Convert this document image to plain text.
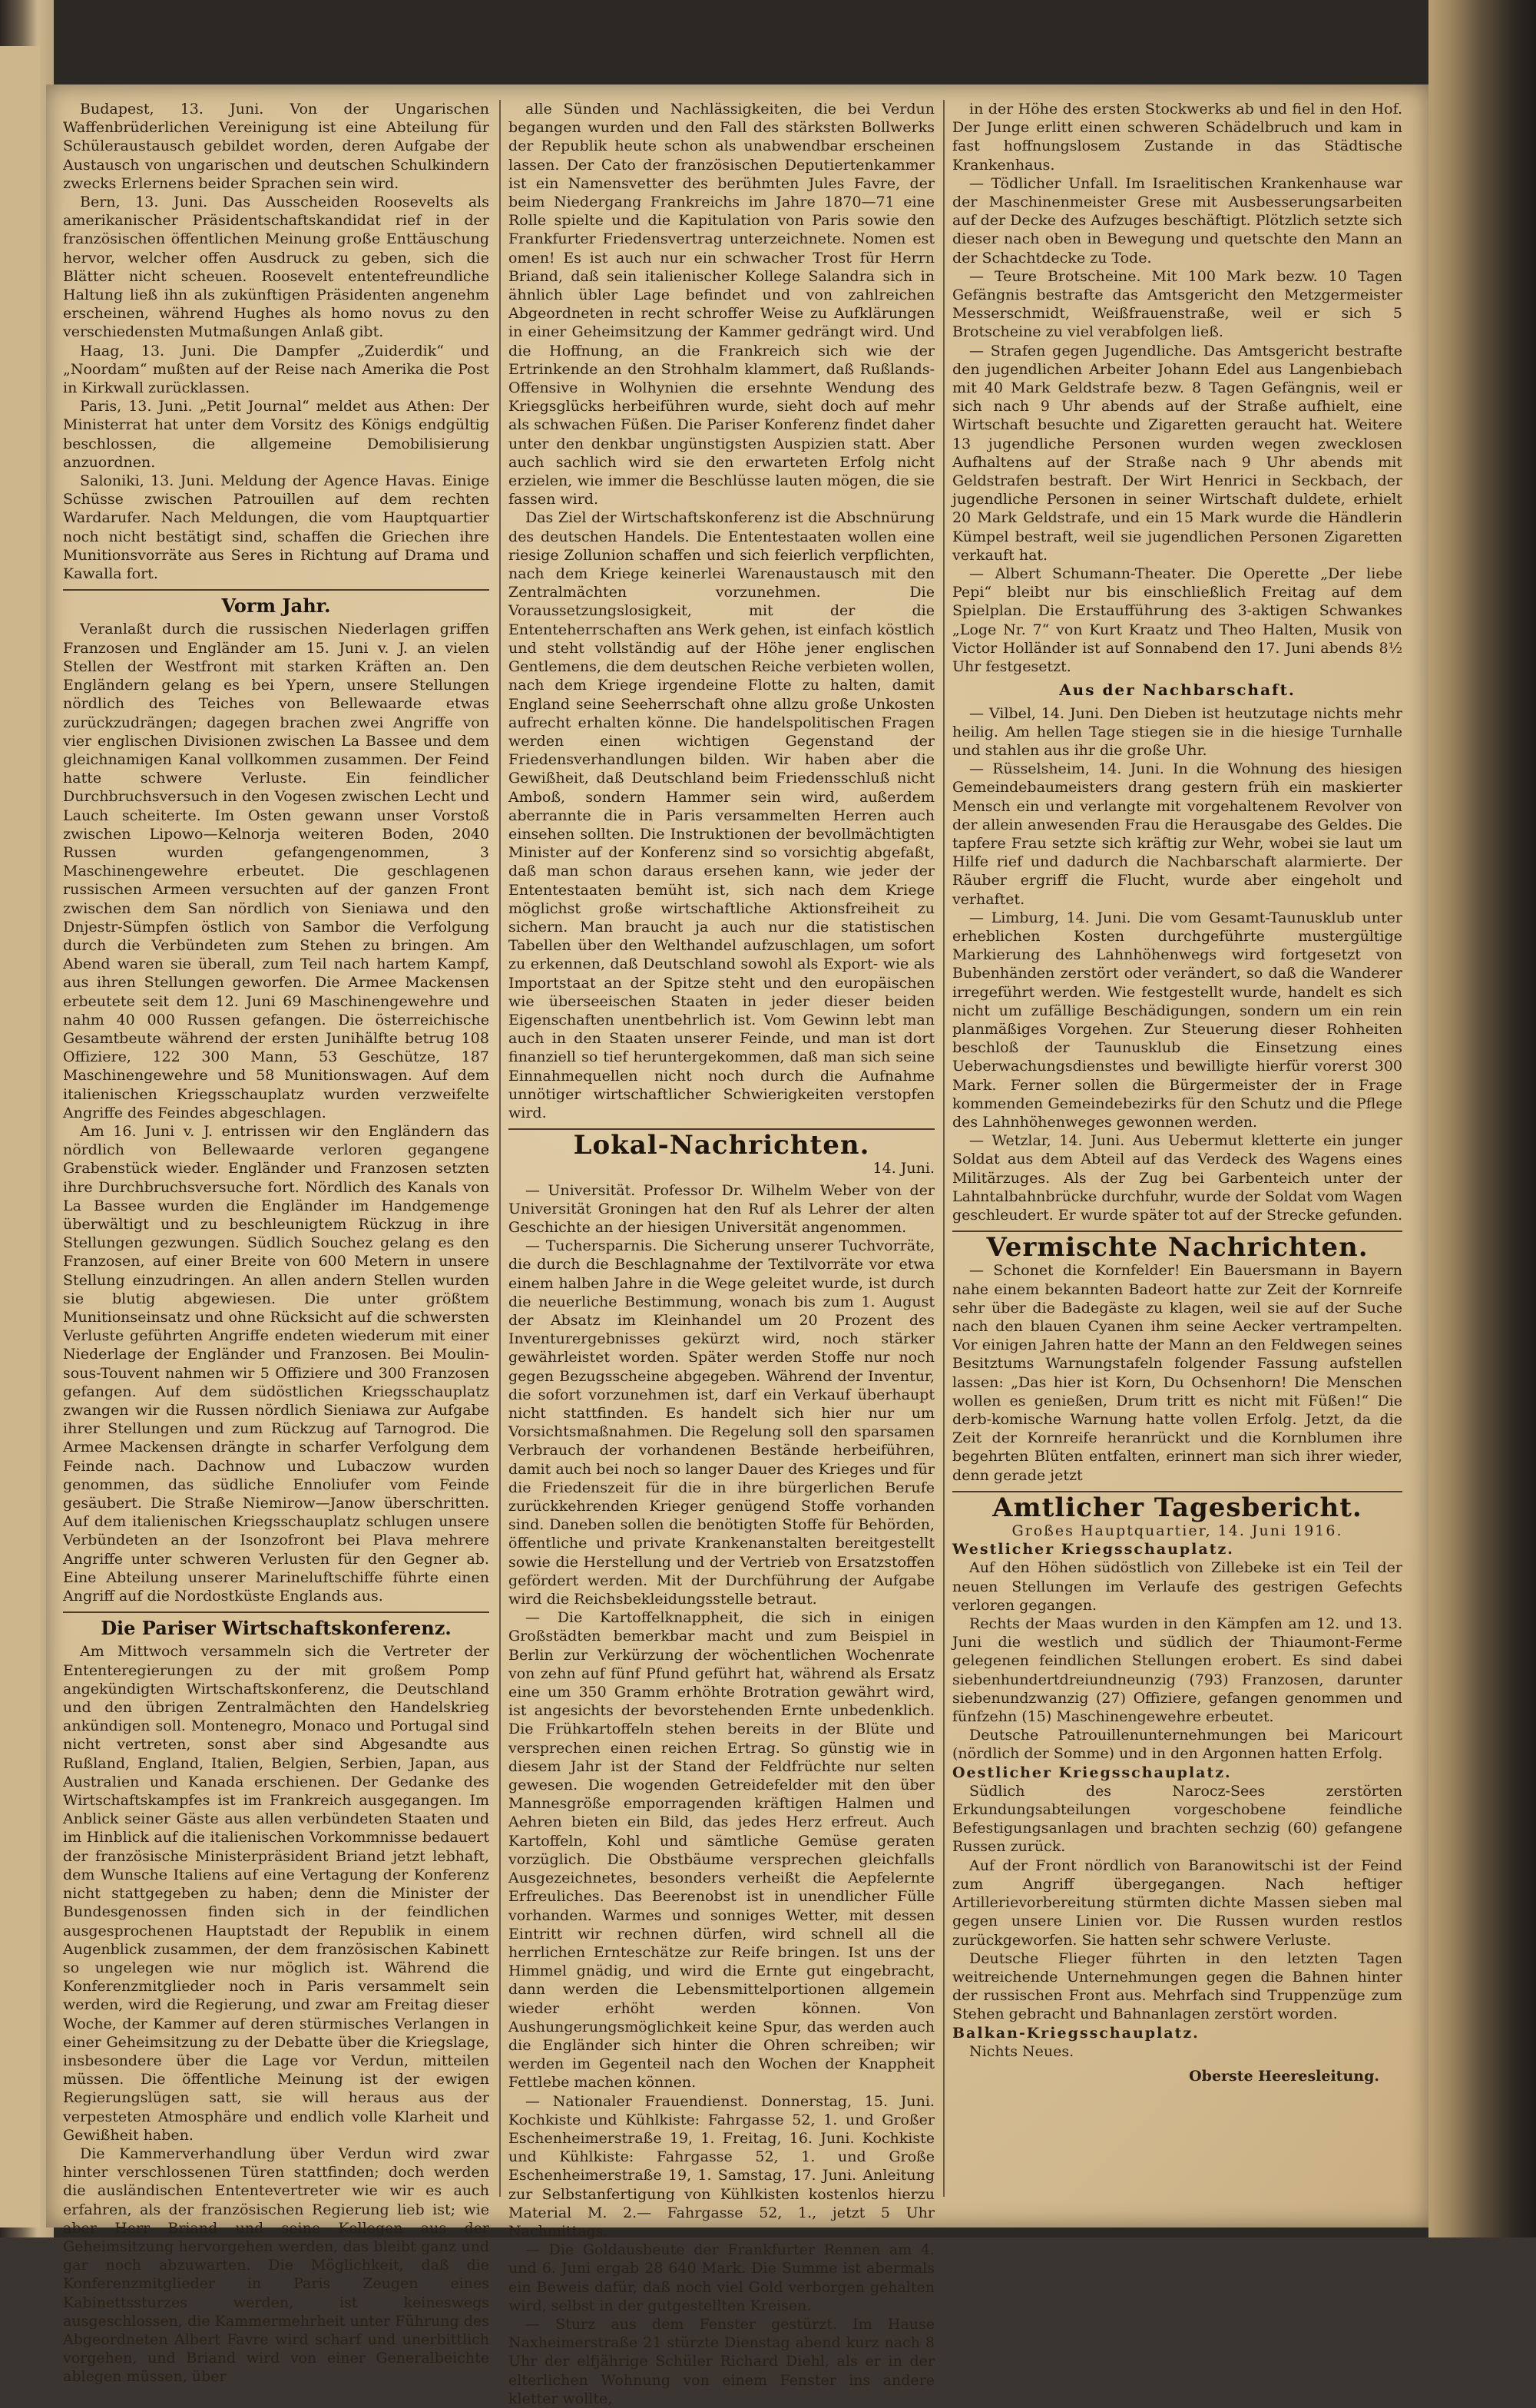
Budapest, 13. Juni. Von der Ungarischen Waffenbrüderlichen Vereinigung ist eine Abteilung für Schüleraustausch gebildet worden, deren Aufgabe der Austausch von ungarischen und deutschen Schulkindern zwecks Erlernens beider Sprachen sein wird.

Bern, 13. Juni. Das Ausscheiden Roosevelts als amerikanischer Präsidentschaftskandidat rief in der französischen öffentlichen Meinung große Enttäuschung hervor, welcher offen Ausdruck zu geben, sich die Blätter nicht scheuen. Roosevelt ententefreundliche Haltung ließ ihn als zukünftigen Präsidenten angenehm erscheinen, während Hughes als homo novus zu den verschiedensten Mutmaßungen Anlaß gibt.

Haag, 13. Juni. Die Dampfer „Zuiderdik“ und „Noordam“ mußten auf der Reise nach Amerika die Post in Kirkwall zurücklassen.

Paris, 13. Juni. „Petit Journal“ meldet aus Athen: Der Ministerrat hat unter dem Vorsitz des Königs endgültig beschlossen, die allgemeine Demobilisierung anzuordnen.

Saloniki, 13. Juni. Meldung der Agence Havas. Einige Schüsse zwischen Patrouillen auf dem rechten Wardarufer. Nach Meldungen, die vom Hauptquartier noch nicht bestätigt sind, schaffen die Griechen ihre Munitionsvorräte aus Seres in Richtung auf Drama und Kawalla fort.

Vorm Jahr.

Veranlaßt durch die russischen Niederlagen griffen Franzosen und Engländer am 15. Juni v. J. an vielen Stellen der Westfront mit starken Kräften an. Den Engländern gelang es bei Ypern, unsere Stellungen nördlich des Teiches von Bellewaarde etwas zurückzudrängen; dagegen brachen zwei Angriffe von vier englischen Divisionen zwischen La Bassee und dem gleichnamigen Kanal vollkommen zusammen. Der Feind hatte schwere Verluste. Ein feindlicher Durchbruchsversuch in den Vogesen zwischen Lecht und Lauch scheiterte. Im Osten gewann unser Vorstoß zwischen Lipowo—Kelnorja weiteren Boden, 2040 Russen wurden gefangengenommen, 3 Maschinengewehre erbeutet. Die geschlagenen russischen Armeen versuchten auf der ganzen Front zwischen dem San nördlich von Sieniawa und den Dnjestr-Sümpfen östlich von Sambor die Verfolgung durch die Verbündeten zum Stehen zu bringen. Am Abend waren sie überall, zum Teil nach hartem Kampf, aus ihren Stellungen geworfen. Die Armee Mackensen erbeutete seit dem 12. Juni 69 Maschinengewehre und nahm 40 000 Russen gefangen. Die österreichische Gesamtbeute während der ersten Junihälfte betrug 108 Offiziere, 122 300 Mann, 53 Geschütze, 187 Maschinengewehre und 58 Munitionswagen. Auf dem italienischen Kriegsschauplatz wurden verzweifelte Angriffe des Feindes abgeschlagen.

Am 16. Juni v. J. entrissen wir den Engländern das nördlich von Bellewaarde verloren gegangene Grabenstück wieder. Engländer und Franzosen setzten ihre Durchbruchsversuche fort. Nördlich des Kanals von La Bassee wurden die Engländer im Handgemenge überwältigt und zu beschleunigtem Rückzug in ihre Stellungen gezwungen. Südlich Souchez gelang es den Franzosen, auf einer Breite von 600 Metern in unsere Stellung einzudringen. An allen andern Stellen wurden sie blutig abgewiesen. Die unter größtem Munitionseinsatz und ohne Rücksicht auf die schwersten Verluste geführten Angriffe endeten wiederum mit einer Niederlage der Engländer und Franzosen. Bei Moulin-sous-Touvent nahmen wir 5 Offiziere und 300 Franzosen gefangen. Auf dem südöstlichen Kriegsschauplatz zwangen wir die Russen nördlich Sieniawa zur Aufgabe ihrer Stellungen und zum Rückzug auf Tarnogrod. Die Armee Mackensen drängte in scharfer Verfolgung dem Feinde nach. Dachnow und Lubaczow wurden genommen, das südliche Ennoliufer vom Feinde gesäubert. Die Straße Niemirow—Janow überschritten. Auf dem italienischen Kriegsschauplatz schlugen unsere Verbündeten an der Isonzofront bei Plava mehrere Angriffe unter schweren Verlusten für den Gegner ab. Eine Abteilung unserer Marineluftschiffe führte einen Angriff auf die Nordostküste Englands aus.

Die Pariser Wirtschaftskonferenz.

Am Mittwoch versammeln sich die Vertreter der Ententeregierungen zu der mit großem Pomp angekündigten Wirtschaftskonferenz, die Deutschland und den übrigen Zentralmächten den Handelskrieg ankündigen soll. Montenegro, Monaco und Portugal sind nicht vertreten, sonst aber sind Abgesandte aus Rußland, England, Italien, Belgien, Serbien, Japan, aus Australien und Kanada erschienen. Der Gedanke des Wirtschaftskampfes ist im Frankreich ausgegangen. Im Anblick seiner Gäste aus allen verbündeten Staaten und im Hinblick auf die italienischen Vorkommnisse bedauert der französische Ministerpräsident Briand jetzt lebhaft, dem Wunsche Italiens auf eine Vertagung der Konferenz nicht stattgegeben zu haben; denn die Minister der Bundesgenossen finden sich in der feindlichen ausgesprochenen Hauptstadt der Republik in einem Augenblick zusammen, der dem französischen Kabinett so ungelegen wie nur möglich ist. Während die Konferenzmitglieder noch in Paris versammelt sein werden, wird die Regierung, und zwar am Freitag dieser Woche, der Kammer auf deren stürmisches Verlangen in einer Geheimsitzung zu der Debatte über die Kriegslage, insbesondere über die Lage vor Verdun, mitteilen müssen. Die öffentliche Meinung ist der ewigen Regierungslügen satt, sie will heraus aus der verpesteten Atmosphäre und endlich volle Klarheit und Gewißheit haben.

Die Kammerverhandlung über Verdun wird zwar hinter verschlossenen Türen stattfinden; doch werden die ausländischen Ententevertreter wie wir es auch erfahren, als der französischen Regierung lieb ist; wie aber Herr Briand und seine Kollegen aus der Geheimsitzung hervorgehen werden, das bleibt ganz und gar noch abzuwarten. Die Möglichkeit, daß die Konferenzmitglieder in Paris Zeugen eines Kabinettssturzes werden, ist keineswegs ausgeschlossen, die Kammermehrheit unter Führung des Abgeordneten Albert Favre wird scharf und unerbittlich vorgehen, und Briand wird von einer Generalbeichte ablegen müssen, über

alle Sünden und Nachlässigkeiten, die bei Verdun begangen wurden und den Fall des stärksten Bollwerks der Republik heute schon als unabwendbar erscheinen lassen. Der Cato der französischen Deputiertenkammer ist ein Namensvetter des berühmten Jules Favre, der beim Niedergang Frankreichs im Jahre 1870—71 eine Rolle spielte und die Kapitulation von Paris sowie den Frankfurter Friedensvertrag unterzeichnete. Nomen est omen! Es ist auch nur ein schwacher Trost für Herrn Briand, daß sein italienischer Kollege Salandra sich in ähnlich übler Lage befindet und von zahlreichen Abgeordneten in recht schroffer Weise zu Aufklärungen in einer Geheimsitzung der Kammer gedrängt wird. Und die Hoffnung, an die Frankreich sich wie der Ertrinkende an den Strohhalm klammert, daß Rußlands-Offensive in Wolhynien die ersehnte Wendung des Kriegsglücks herbeiführen wurde, sieht doch auf mehr als schwachen Füßen. Die Pariser Konferenz findet daher unter den denkbar ungünstigsten Auspizien statt. Aber auch sachlich wird sie den erwarteten Erfolg nicht erzielen, wie immer die Beschlüsse lauten mögen, die sie fassen wird.

Das Ziel der Wirtschaftskonferenz ist die Abschnürung des deutschen Handels. Die Ententestaaten wollen eine riesige Zollunion schaffen und sich feierlich verpflichten, nach dem Kriege keinerlei Warenaustausch mit den Zentralmächten vorzunehmen. Die Voraussetzungslosigkeit, mit der die Ententeherrschaften ans Werk gehen, ist einfach köstlich und steht vollständig auf der Höhe jener englischen Gentlemens, die dem deutschen Reiche verbieten wollen, nach dem Kriege irgendeine Flotte zu halten, damit England seine Seeherrschaft ohne allzu große Unkosten aufrecht erhalten könne. Die handelspolitischen Fragen werden einen wichtigen Gegenstand der Friedensverhandlungen bilden. Wir haben aber die Gewißheit, daß Deutschland beim Friedensschluß nicht Amboß, sondern Hammer sein wird, außerdem aberrannte die in Paris versammelten Herren auch einsehen sollten. Die Instruktionen der bevollmächtigten Minister auf der Konferenz sind so vorsichtig abgefaßt, daß man schon daraus ersehen kann, wie jeder der Ententestaaten bemüht ist, sich nach dem Kriege möglichst große wirtschaftliche Aktionsfreiheit zu sichern. Man braucht ja auch nur die statistischen Tabellen über den Welthandel aufzuschlagen, um sofort zu erkennen, daß Deutschland sowohl als Export- wie als Importstaat an der Spitze steht und den europäischen wie überseeischen Staaten in jeder dieser beiden Eigenschaften unentbehrlich ist. Vom Gewinn lebt man auch in den Staaten unserer Feinde, und man ist dort finanziell so tief heruntergekommen, daß man sich seine Einnahmequellen nicht noch durch die Aufnahme unnötiger wirtschaftlicher Schwierigkeiten verstopfen wird.

Lokal-Nachrichten.
14. Juni.

— Universität. Professor Dr. Wilhelm Weber von der Universität Groningen hat den Ruf als Lehrer der alten Geschichte an der hiesigen Universität angenommen.

— Tuchersparnis. Die Sicherung unserer Tuchvorräte, die durch die Beschlagnahme der Textilvorräte vor etwa einem halben Jahre in die Wege geleitet wurde, ist durch die neuerliche Bestimmung, wonach bis zum 1. August der Absatz im Kleinhandel um 20 Prozent des Inventurergebnisses gekürzt wird, noch stärker gewährleistet worden. Später werden Stoffe nur noch gegen Bezugsscheine abgegeben. Während der Inventur, die sofort vorzunehmen ist, darf ein Verkauf überhaupt nicht stattfinden. Es handelt sich hier nur um Vorsichtsmaßnahmen. Die Regelung soll den sparsamen Verbrauch der vorhandenen Bestände herbeiführen, damit auch bei noch so langer Dauer des Krieges und für die Friedenszeit für die in ihre bürgerlichen Berufe zurückkehrenden Krieger genügend Stoffe vorhanden sind. Daneben sollen die benötigten Stoffe für Behörden, öffentliche und private Krankenanstalten bereitgestellt sowie die Herstellung und der Vertrieb von Ersatzstoffen gefördert werden. Mit der Durchführung der Aufgabe wird die Reichsbekleidungsstelle betraut.

— Die Kartoffelknappheit, die sich in einigen Großstädten bemerkbar macht und zum Beispiel in Berlin zur Verkürzung der wöchentlichen Wochenrate von zehn auf fünf Pfund geführt hat, während als Ersatz eine um 350 Gramm erhöhte Brotration gewährt wird, ist angesichts der bevorstehenden Ernte unbedenklich. Die Frühkartoffeln stehen bereits in der Blüte und versprechen einen reichen Ertrag. So günstig wie in diesem Jahr ist der Stand der Feldfrüchte nur selten gewesen. Die wogenden Getreidefelder mit den über Mannesgröße emporragenden kräftigen Halmen und Aehren bieten ein Bild, das jedes Herz erfreut. Auch Kartoffeln, Kohl und sämtliche Gemüse geraten vorzüglich. Die Obstbäume versprechen gleichfalls Ausgezeichnetes, besonders verheißt die Aepfelernte Erfreuliches. Das Beerenobst ist in unendlicher Fülle vorhanden. Warmes und sonniges Wetter, mit dessen Eintritt wir rechnen dürfen, wird schnell all die herrlichen Ernteschätze zur Reife bringen. Ist uns der Himmel gnädig, und wird die Ernte gut eingebracht, dann werden die Lebensmittelportionen allgemein wieder erhöht werden können. Von Aushungerungsmöglichkeit keine Spur, das werden auch die Engländer sich hinter die Ohren schreiben; wir werden im Gegenteil nach den Wochen der Knappheit Fettlebe machen können.

— Nationaler Frauendienst. Donnerstag, 15. Juni. Kochkiste und Kühlkiste: Fahrgasse 52, 1. und Großer Eschenheimerstraße 19, 1. Freitag, 16. Juni. Kochkiste und Kühlkiste: Fahrgasse 52, 1. und Große Eschenheimerstraße 19, 1. Samstag, 17. Juni. Anleitung zur Selbstanfertigung von Kühlkisten kostenlos hierzu Material M. 2.— Fahrgasse 52, 1., jetzt 5 Uhr Nachmittags.

— Die Goldausbeute der Frankfurter Rennen am 4. und 6. Juni ergab 28 640 Mark. Die Summe ist abermals ein Beweis dafür, daß noch viel Gold verborgen gehalten wird, selbst in der gutgestellten Kreisen.

— Sturz aus dem Fenster gestürzt. Im Hause Naxheimerstraße 21 stürzte Dienstag abend kurz nach 8 Uhr der elfjährige Schüler Richard Diehl, als er in der elterlichen Wohnung von einem Fenster ins andere kletter wollte,

in der Höhe des ersten Stockwerks ab und fiel in den Hof. Der Junge erlitt einen schweren Schädelbruch und kam in fast hoffnungslosem Zustande in das Städtische Krankenhaus.

— Tödlicher Unfall. Im Israelitischen Krankenhause war der Maschinenmeister Grese mit Ausbesserungsarbeiten auf der Decke des Aufzuges beschäftigt. Plötzlich setzte sich dieser nach oben in Bewegung und quetschte den Mann an der Schachtdecke zu Tode.

— Teure Brotscheine. Mit 100 Mark bezw. 10 Tagen Gefängnis bestrafte das Amtsgericht den Metzgermeister Messerschmidt, Weißfrauenstraße, weil er sich 5 Brotscheine zu viel verabfolgen ließ.

— Strafen gegen Jugendliche. Das Amtsgericht bestrafte den jugendlichen Arbeiter Johann Edel aus Langenbiebach mit 40 Mark Geldstrafe bezw. 8 Tagen Gefängnis, weil er sich nach 9 Uhr abends auf der Straße aufhielt, eine Wirtschaft besuchte und Zigaretten geraucht hat. Weitere 13 jugendliche Personen wurden wegen zwecklosen Aufhaltens auf der Straße nach 9 Uhr abends mit Geldstrafen bestraft. Der Wirt Henrici in Seckbach, der jugendliche Personen in seiner Wirtschaft duldete, erhielt 20 Mark Geldstrafe, und ein 15 Mark wurde die Händlerin Kümpel bestraft, weil sie jugendlichen Personen Zigaretten verkauft hat.

— Albert Schumann-Theater. Die Operette „Der liebe Pepi“ bleibt nur bis einschließlich Freitag auf dem Spielplan. Die Erstaufführung des 3-aktigen Schwankes „Loge Nr. 7“ von Kurt Kraatz und Theo Halten, Musik von Victor Holländer ist auf Sonnabend den 17. Juni abends 8½ Uhr festgesetzt.

Aus der Nachbarschaft.

— Vilbel, 14. Juni. Den Dieben ist heutzutage nichts mehr heilig. Am hellen Tage stiegen sie in die hiesige Turnhalle und stahlen aus ihr die große Uhr.

— Rüsselsheim, 14. Juni. In die Wohnung des hiesigen Gemeindebaumeisters drang gestern früh ein maskierter Mensch ein und verlangte mit vorgehaltenem Revolver von der allein anwesenden Frau die Herausgabe des Geldes. Die tapfere Frau setzte sich kräftig zur Wehr, wobei sie laut um Hilfe rief und dadurch die Nachbarschaft alarmierte. Der Räuber ergriff die Flucht, wurde aber eingeholt und verhaftet.

— Limburg, 14. Juni. Die vom Gesamt-Taunusklub unter erheblichen Kosten durchgeführte mustergültige Markierung des Lahnhöhenwegs wird fortgesetzt von Bubenhänden zerstört oder verändert, so daß die Wanderer irregeführt werden. Wie festgestellt wurde, handelt es sich nicht um zufällige Beschädigungen, sondern um ein rein planmäßiges Vorgehen. Zur Steuerung dieser Rohheiten beschloß der Taunusklub die Einsetzung eines Ueberwachungsdienstes und bewilligte hierfür vorerst 300 Mark. Ferner sollen die Bürgermeister der in Frage kommenden Gemeindebezirks für den Schutz und die Pflege des Lahnhöhenweges gewonnen werden.

— Wetzlar, 14. Juni. Aus Uebermut kletterte ein junger Soldat aus dem Abteil auf das Verdeck des Wagens eines Militärzuges. Als der Zug bei Garbenteich unter der Lahntalbahnbrücke durchfuhr, wurde der Soldat vom Wagen geschleudert. Er wurde später tot auf der Strecke gefunden.

Vermischte Nachrichten.

— Schonet die Kornfelder! Ein Bauersmann in Bayern nahe einem bekannten Badeort hatte zur Zeit der Kornreife sehr über die Badegäste zu klagen, weil sie auf der Suche nach den blauen Cyanen ihm seine Aecker vertrampelten. Vor einigen Jahren hatte der Mann an den Feldwegen seines Besitztums Warnungstafeln folgender Fassung aufstellen lassen: „Das hier ist Korn, Du Ochsenhorn! Die Menschen wollen es genießen, Drum tritt es nicht mit Füßen!“ Die derb-komische Warnung hatte vollen Erfolg. Jetzt, da die Zeit der Kornreife heranrückt und die Kornblumen ihre begehrten Blüten entfalten, erinnert man sich ihrer wieder, denn gerade jetzt

Amtlicher Tagesbericht.
Großes Hauptquartier, 14. Juni 1916.
Westlicher Kriegsschauplatz.

Auf den Höhen südöstlich von Zillebeke ist ein Teil der neuen Stellungen im Verlaufe des gestrigen Gefechts verloren gegangen.

Rechts der Maas wurden in den Kämpfen am 12. und 13. Juni die westlich und südlich der Thiaumont-Ferme gelegenen feindlichen Stellungen erobert. Es sind dabei siebenhundertdreiundneunzig (793) Franzosen, darunter siebenundzwanzig (27) Offiziere, gefangen genommen und fünfzehn (15) Maschinengewehre erbeutet.

Deutsche Patrouillenunternehmungen bei Maricourt (nördlich der Somme) und in den Argonnen hatten Erfolg.

Oestlicher Kriegsschauplatz.

Südlich des Narocz-Sees zerstörten Erkundungsabteilungen vorgeschobene feindliche Befestigungsanlagen und brachten sechzig (60) gefangene Russen zurück.

Auf der Front nördlich von Baranowitschi ist der Feind zum Angriff übergegangen. Nach heftiger Artillerievorbereitung stürmten dichte Massen sieben mal gegen unsere Linien vor. Die Russen wurden restlos zurückgeworfen. Sie hatten sehr schwere Verluste.

Deutsche Flieger führten in den letzten Tagen weitreichende Unternehmungen gegen die Bahnen hinter der russischen Front aus. Mehrfach sind Truppenzüge zum Stehen gebracht und Bahnanlagen zerstört worden.

Balkan-Kriegsschauplatz.

Nichts Neues.

Oberste Heeresleitung.
